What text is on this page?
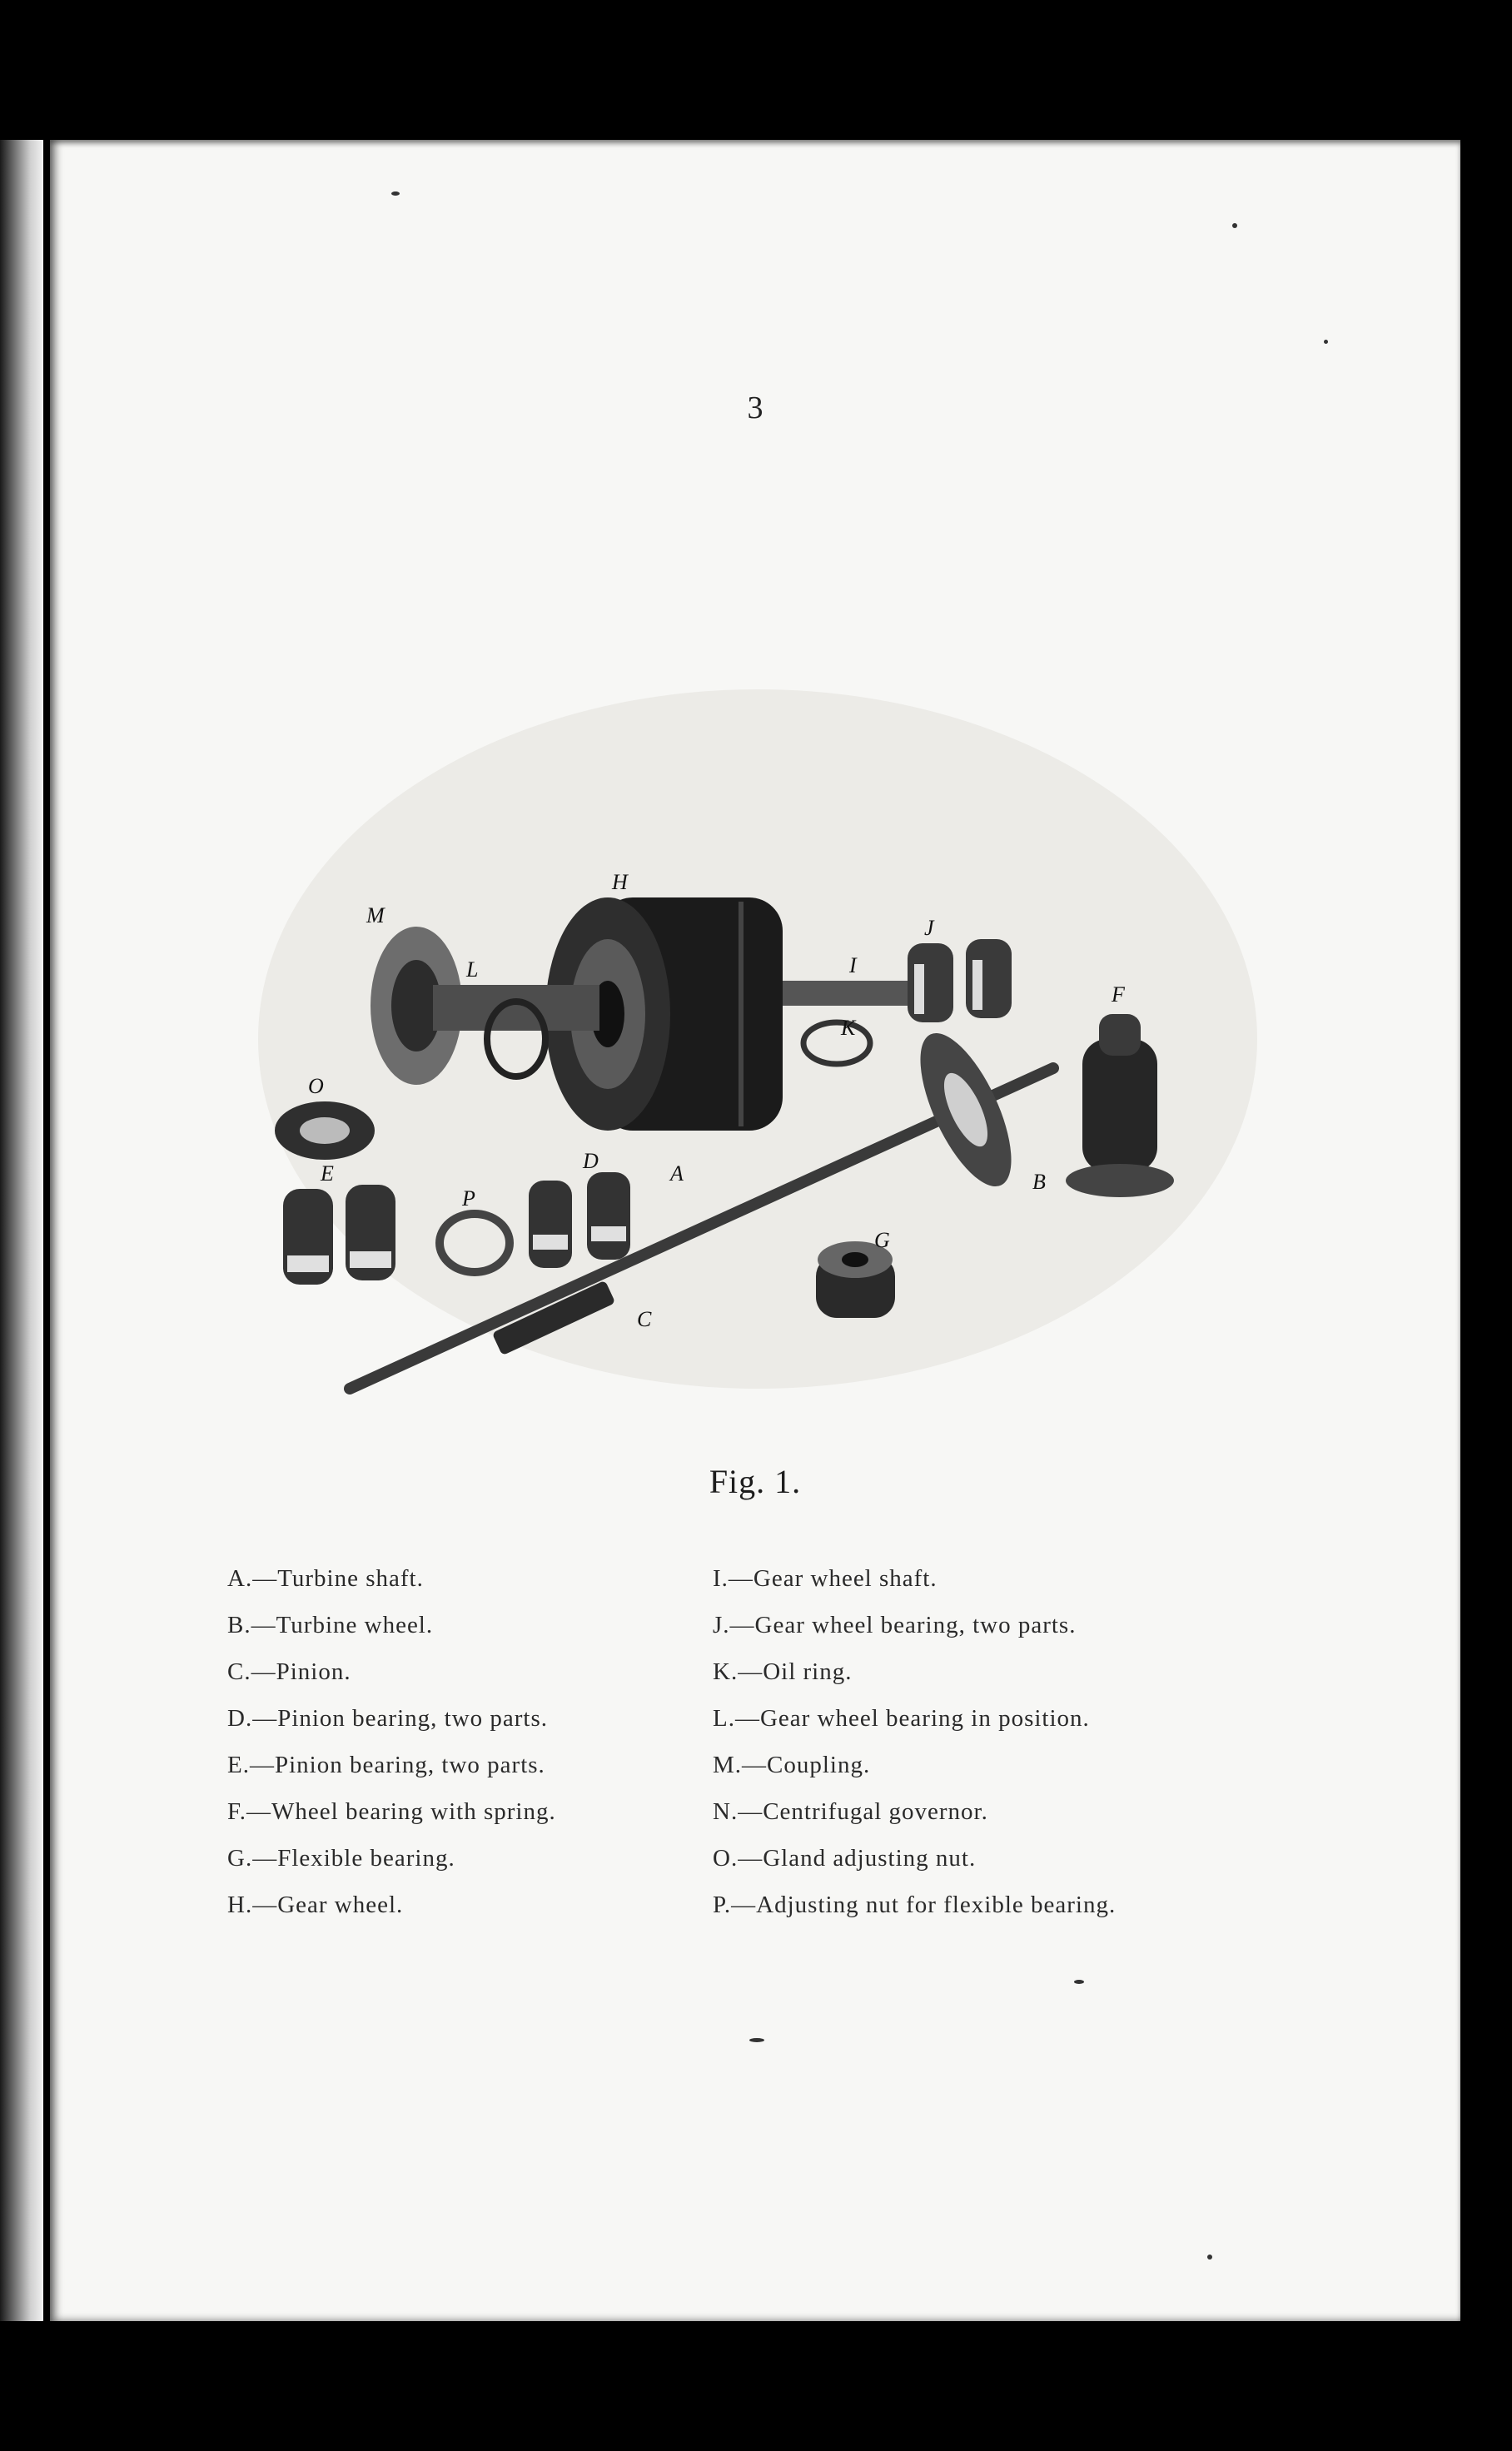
3
H
M
L	I
J
K
F
O
E
P
D
A	B
G
C
Fig. 1.
A.—Turbine shaft.
B.—Turbine wheel.
C.—Pinion.
D.—Pinion bearing, two parts.
E.—Pinion bearing, two parts.
F.—Wheel bearing with spring.
G.—Flexible bearing.
H.—Gear wheel.
I.—Gear wheel shaft.
J.—Gear wheel bearing, two parts.
K.—Oil ring.
L.—Gear wheel bearing in position.
M.—Coupling.
N.—Centrifugal governor.
O.—Gland adjusting nut.
P.—Adjusting nut for flexible bearing.
